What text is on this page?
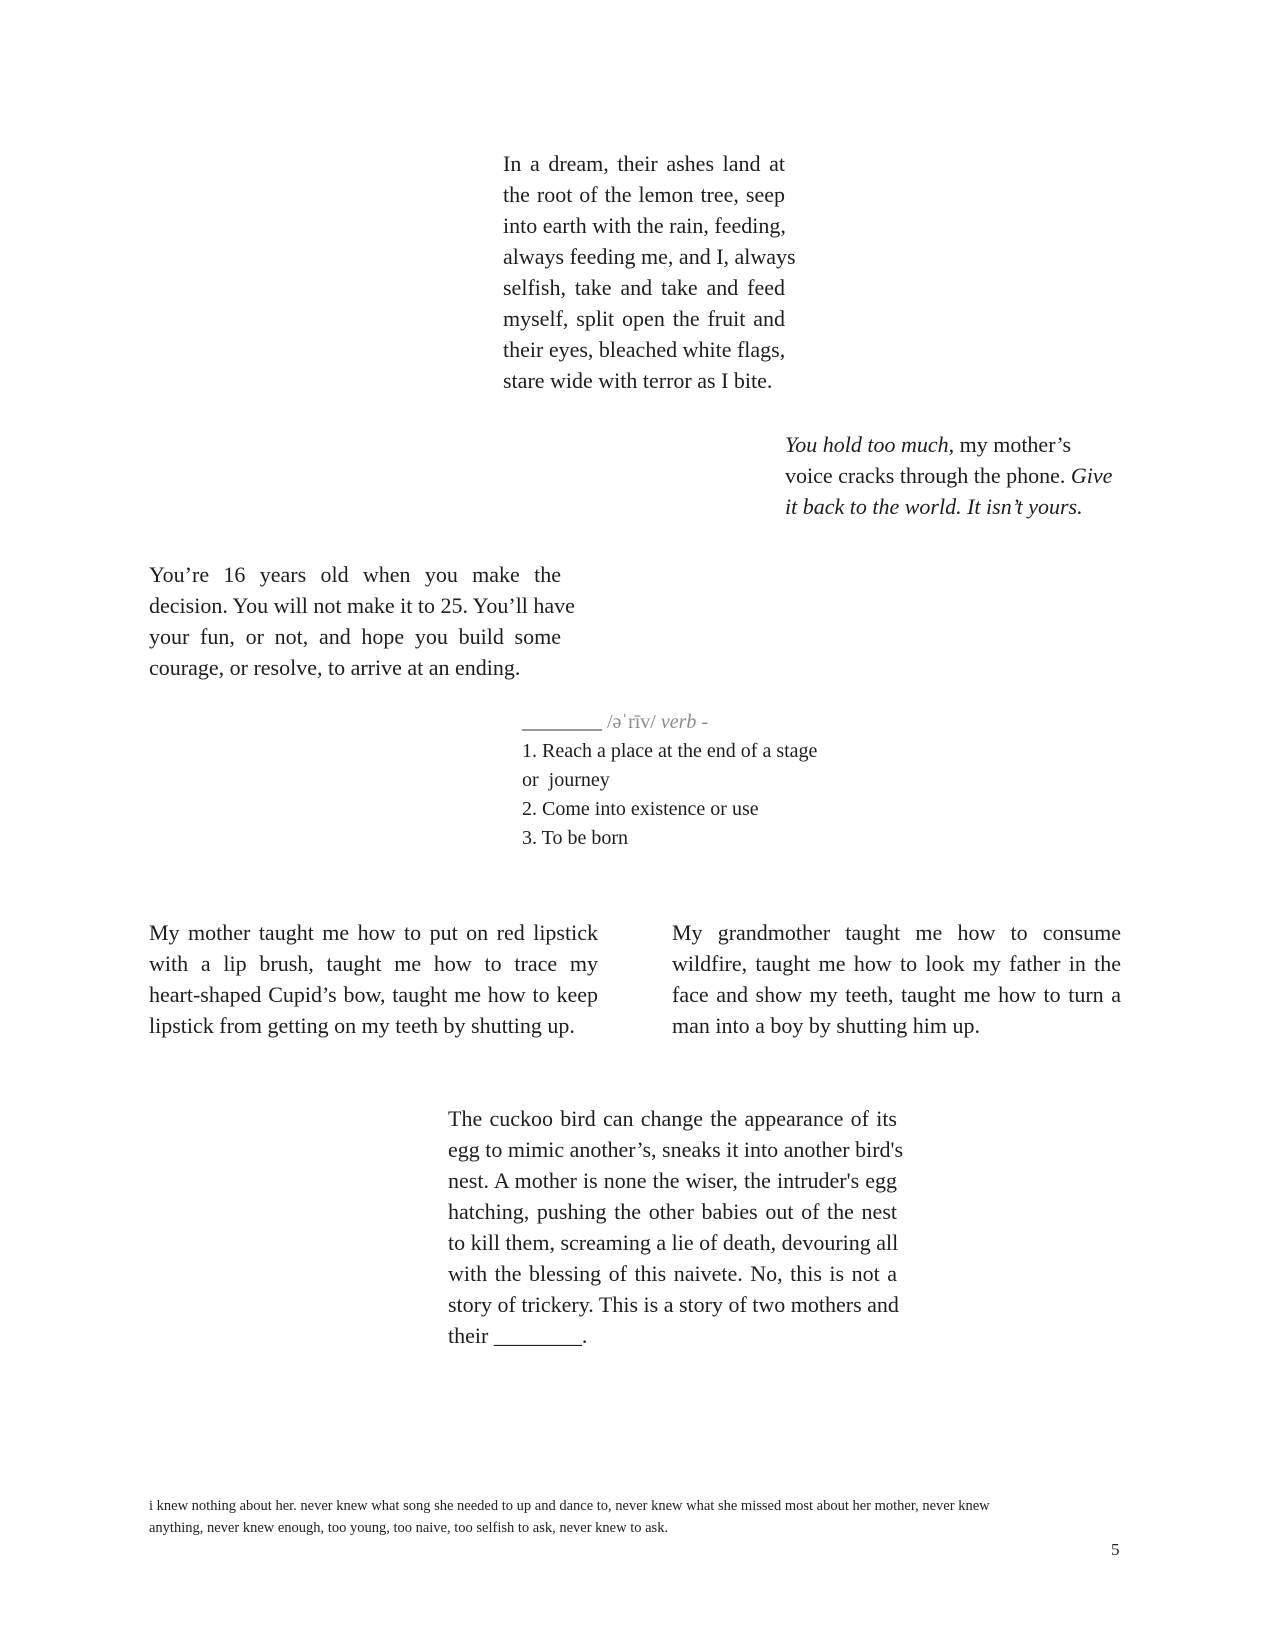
In a dream, their ashes land at
the root of the lemon tree, seep
into earth with the rain, feeding,
always feeding me, and I, always
selfish, take and take and feed
myself, split open the fruit and
their eyes, bleached white flags,
stare wide with terror as I bite.

You hold too much, my mother’s voice cracks through the phone. Give it back to the world. It isn’t yours.

You’re 16 years old when you make the
decision. You will not make it to 25. You’ll have
your fun, or not, and hope you build some
courage, or resolve, to arrive at an ending.
________ /əˈrīv/ verb -
1. Reach a place at the end of a stage
or  journey
2. Come into existence or use
3. To be born
My mother taught me how to put on red lipstick
with a lip brush, taught me how to trace my
heart-shaped Cupid’s bow, taught me how to keep
lipstick from getting on my teeth by shutting up.
My grandmother taught me how to consume
wildfire, taught me how to look my father in the
face and show my teeth, taught me how to turn a
man into a boy by shutting him up.
The cuckoo bird can change the appearance of its
egg to mimic another’s, sneaks it into another bird's
nest. A mother is none the wiser, the intruder's egg
hatching, pushing the other babies out of the nest
to kill them, screaming a lie of death, devouring all
with the blessing of this naivete. No, this is not a
story of trickery. This is a story of two mothers and
their ________.
i knew nothing about her. never knew what song she needed to up and dance to, never knew what she missed most about her mother, never knew
anything, never knew enough, too young, too naive, too selfish to ask, never knew to ask.
5
